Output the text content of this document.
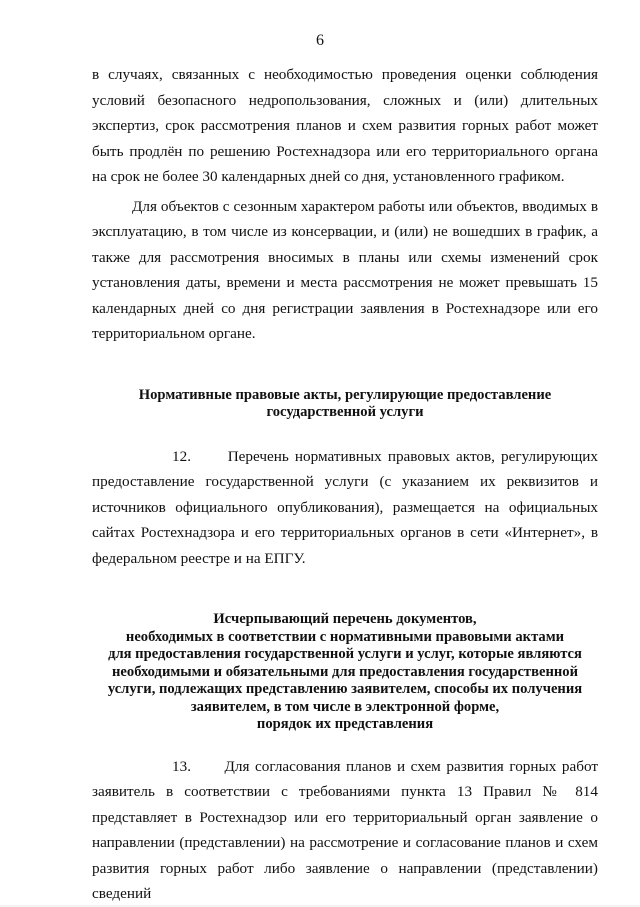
6

в случаях, связанных с необходимостью проведения оценки соблюдения условий безопасного недропользования, сложных и (или) длительных экспертиз, срок рассмотрения планов и схем развития горных работ может быть продлён по решению Ростехнадзора или его территориального органа на срок не более 30 календарных дней со дня, установленного графиком.

Для объектов с сезонным характером работы или объектов, вводимых в эксплуатацию, в том числе из консервации, и (или) не вошедших в график, а также для рассмотрения вносимых в планы или схемы изменений срок установления даты, времени и места рассмотрения не может превышать 15 календарных дней со дня регистрации заявления в Ростехнадзоре или его территориальном органе.

Нормативные правовые акты, регулирующие предоставление
государственной услуги

12. Перечень нормативных правовых актов, регулирующих предоставление государственной услуги (с указанием их реквизитов и источников официального опубликования), размещается на официальных сайтах Ростехнадзора и его территориальных органов в сети «Интернет», в федеральном реестре и на ЕПГУ.

Исчерпывающий перечень документов,
необходимых в соответствии с нормативными правовыми актами
для предоставления государственной услуги и услуг, которые являются
необходимыми и обязательными для предоставления государственной
услуги, подлежащих представлению заявителем, способы их получения
заявителем, в том числе в электронной форме,
порядок их представления

13. Для согласования планов и схем развития горных работ заявитель в соответствии с требованиями пункта 13 Правил № 814 представляет в Ростехнадзор или его территориальный орган заявление о направлении (представлении) на рассмотрение и согласование планов и схем развития горных работ либо заявление о направлении (представлении) сведений
